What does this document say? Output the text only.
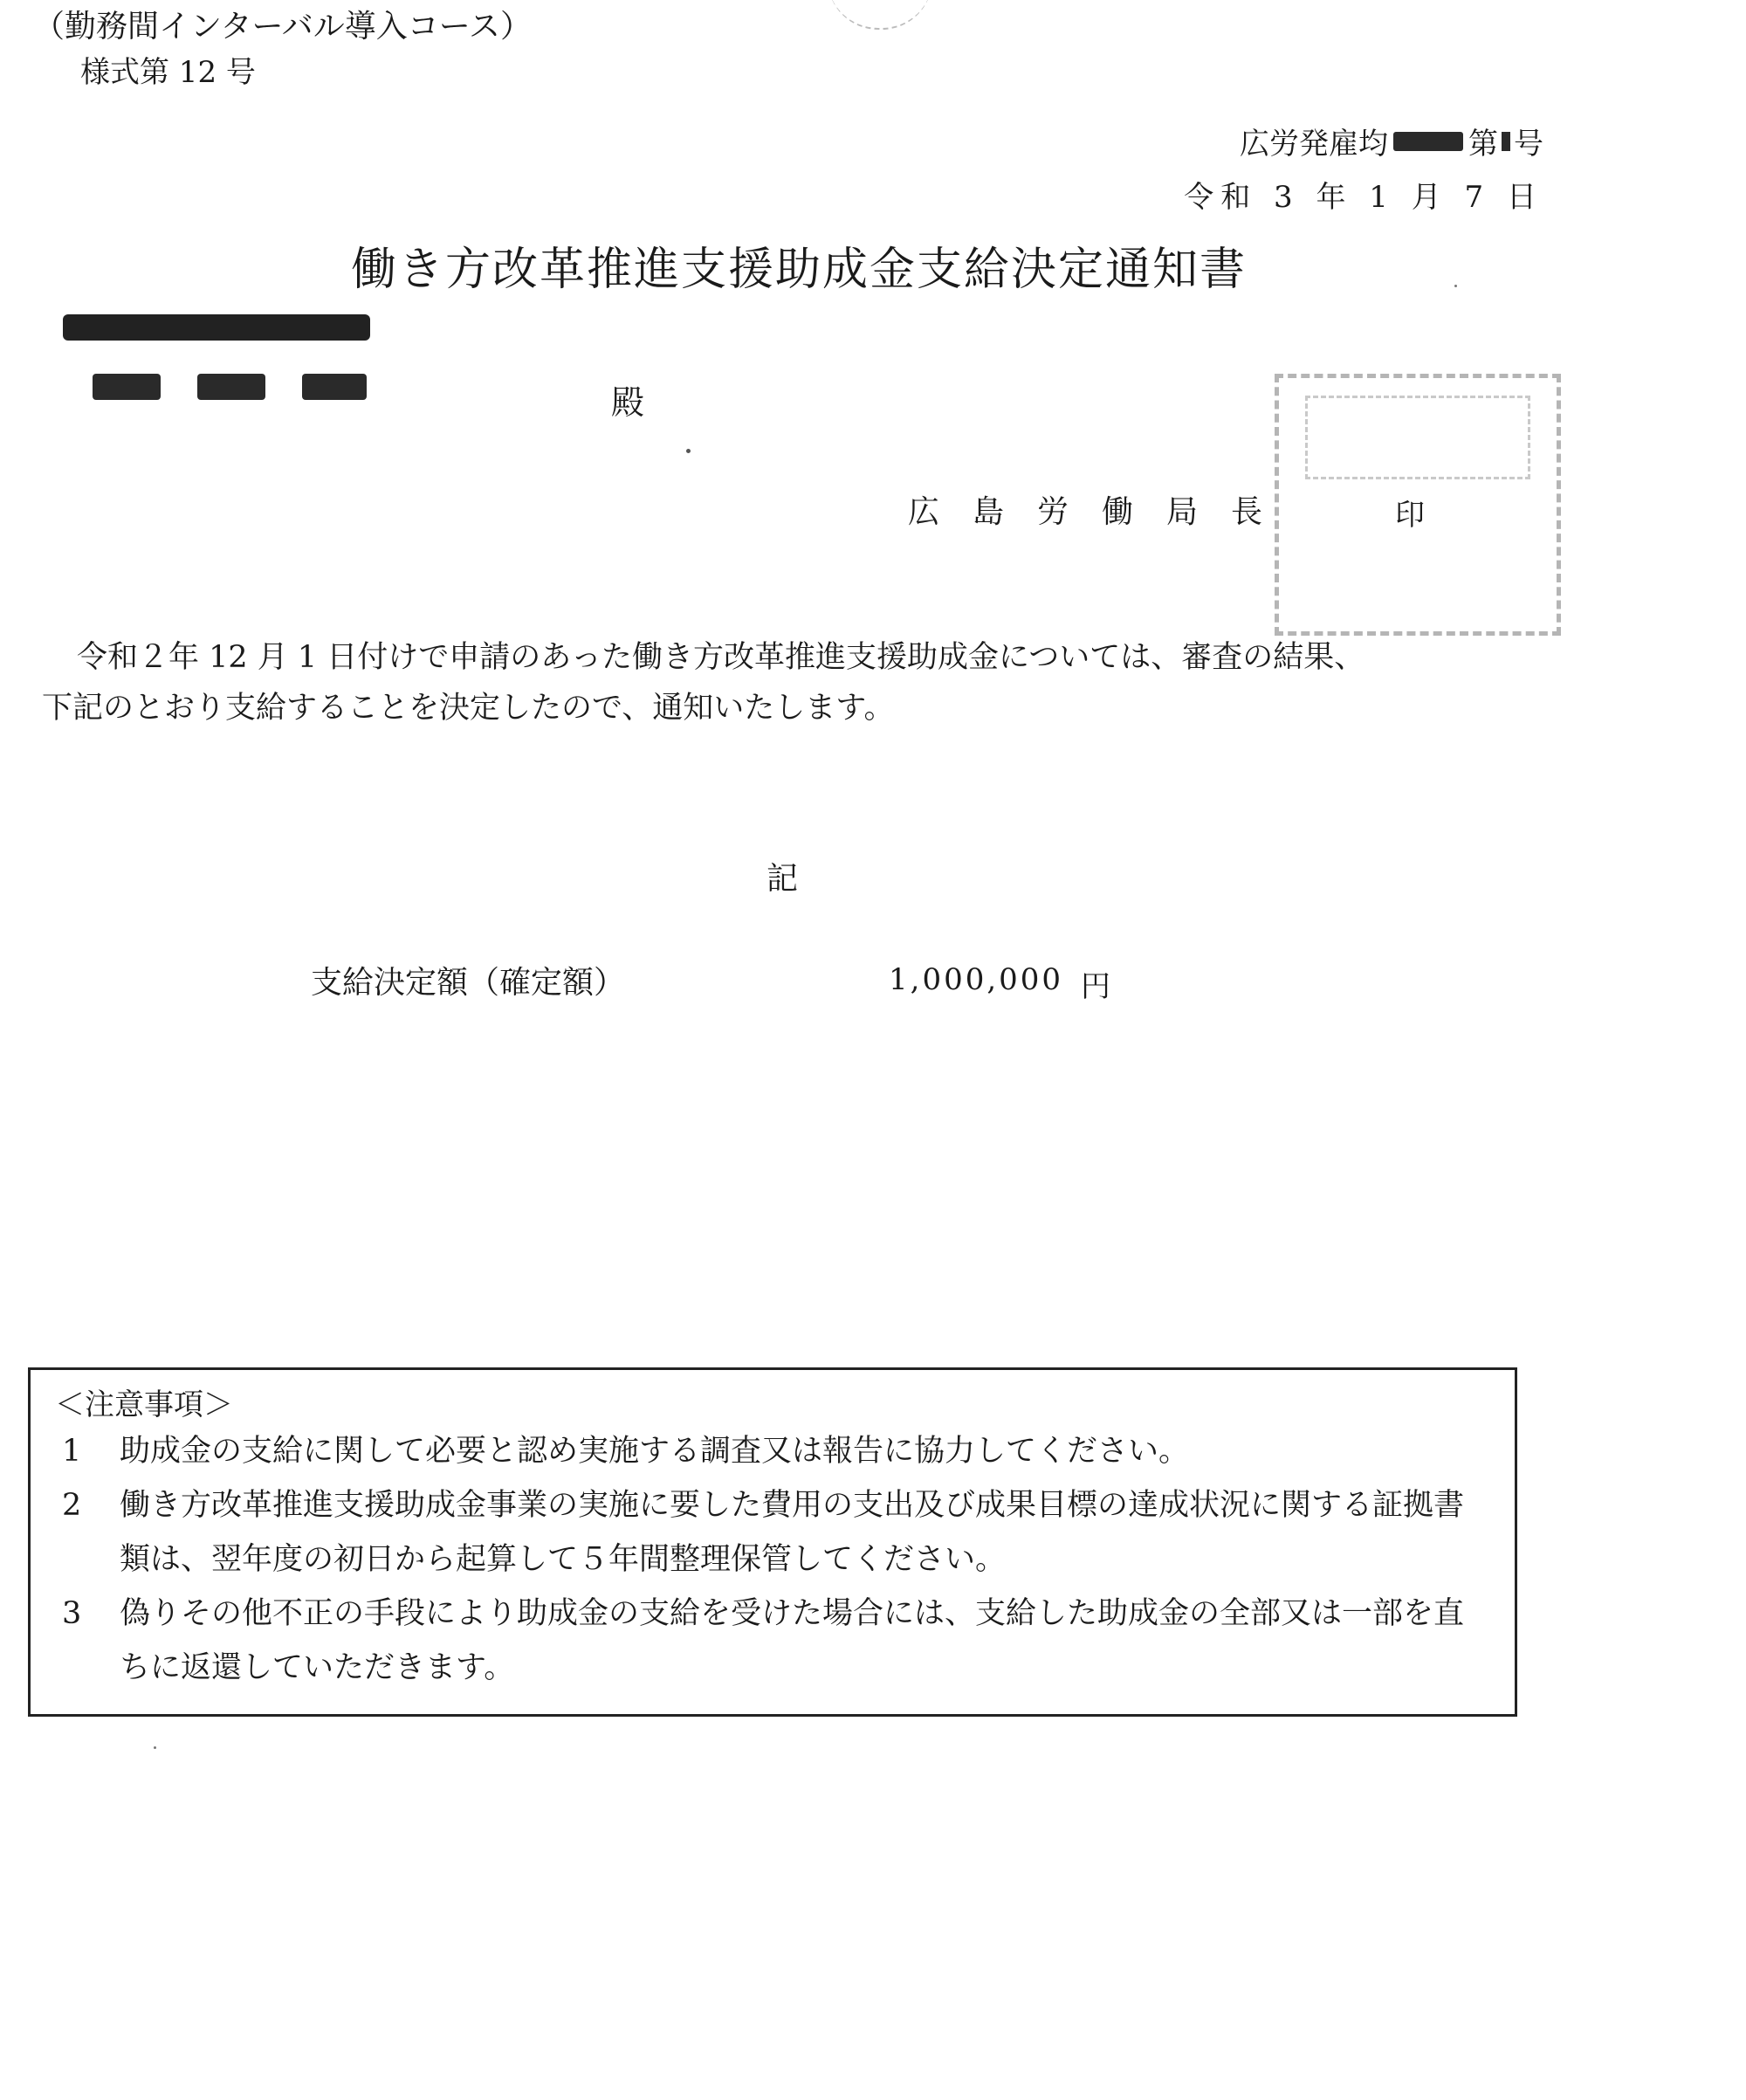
（勤務間インターバル導入コース）
様式第 12 号
広労発雇均	第 号
令和 3 年 1 月 7 日
働き方改革推進支援助成金支給決定通知書
殿
広島労働局長	印

令和２年 12 月 1 日付けで申請のあった働き方改革推進支援助成金については、審査の結果、

下記のとおり支給することを決定したので、通知いたします。

記
支給決定額（確定額）	1,000,000 円
＜注意事項＞
1 助成金の支給に関して必要と認め実施する調査又は報告に協力してください。
2 働き方改革推進支援助成金事業の実施に要した費用の支出及び成果目標の達成状況に関する証拠書類は、翌年度の初日から起算して５年間整理保管してください。
3 偽りその他不正の手段により助成金の支給を受けた場合には、支給した助成金の全部又は一部を直ちに返還していただきます。
